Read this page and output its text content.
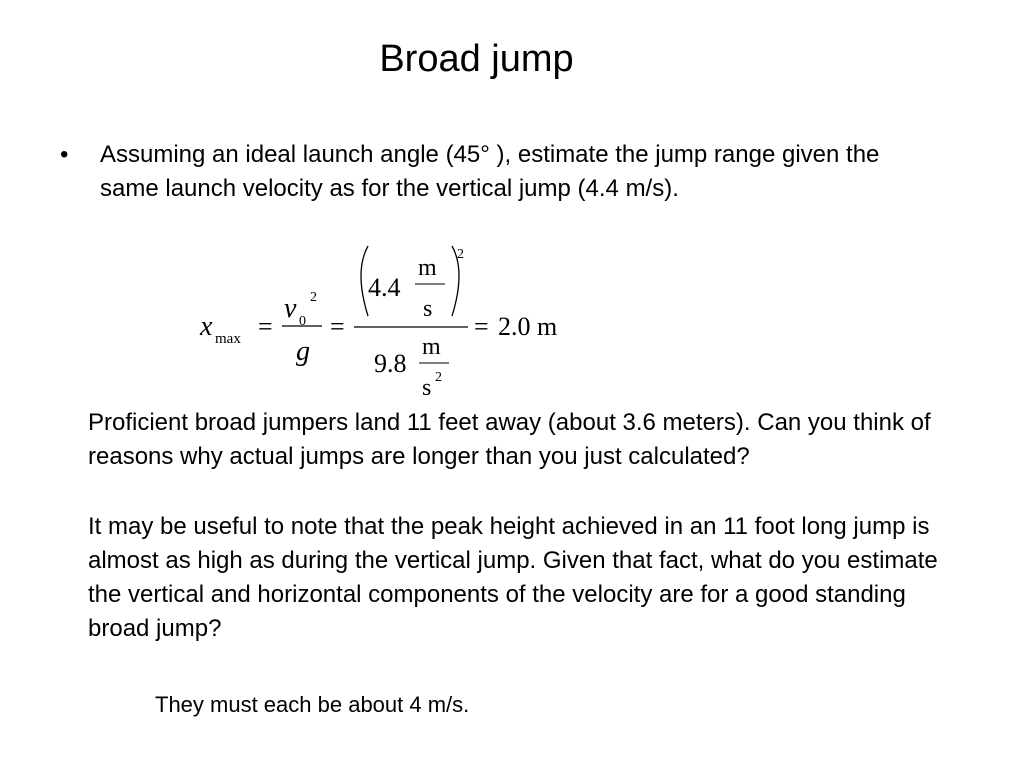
Broad jump
• Assuming an ideal launch angle (45° ), estimate the jump range given the same launch velocity as for the vertical jump (4.4 m/s).
x max =
v 0
2
g
=
4.4
m
s
2
9.8
m
s 2
= 2.0 m
Proficient broad jumpers land 11 feet away (about 3.6 meters). Can you think of reasons why actual jumps are longer than you just calculated?
It may be useful to note that the peak height achieved in an 11 foot long jump is almost as high as during the vertical jump. Given that fact, what do you estimate the vertical and horizontal components of the velocity are for a good standing broad jump?
They must each be about 4 m/s.
